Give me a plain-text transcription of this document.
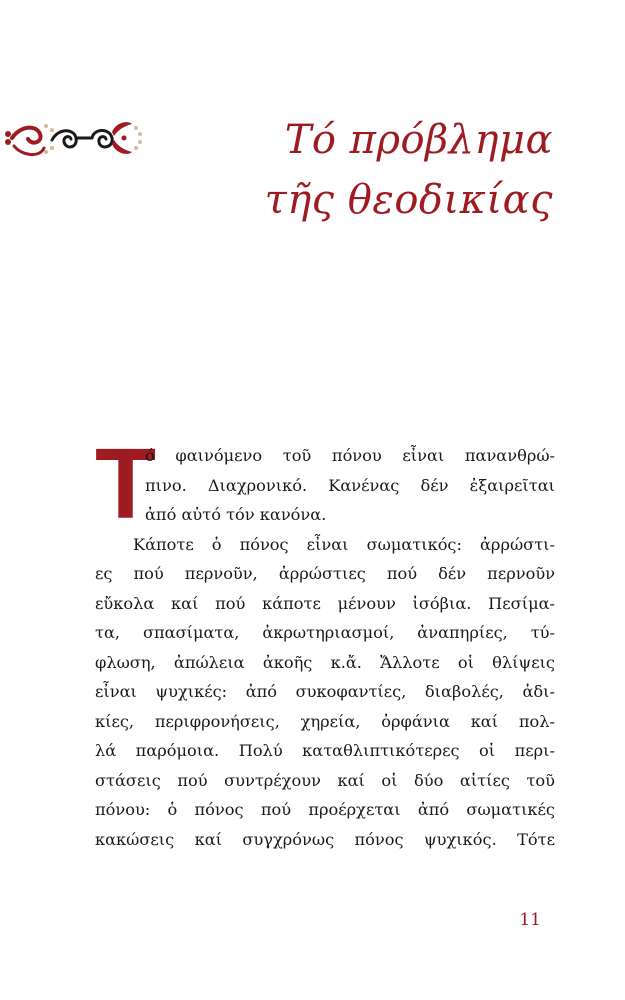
Τό πρόβλημα
τῆς θεοδικίας
Τ
ό φαινόμενο τοῦ πόνου εἶναι πανανθρώ-
πινο. Διαχρονικό. Κανένας δέν ἐξαιρεῖται
ἀπό αὐτό τόν κανόνα.
Κάποτε ὁ πόνος εἶναι σωματικός: ἀρρώστι-
ες πού περνοῦν, ἀρρώστιες πού δέν περνοῦν
εὔκολα καί πού κάποτε μένουν ἰσόβια. Πεσίμα-
τα, σπασίματα, ἀκρωτηριασμοί, ἀναπηρίες, τύ-
φλωση, ἀπώλεια ἀκοῆς κ.ἄ. Ἄλλοτε οἱ θλίψεις
εἶναι ψυχικές: ἀπό συκοφαντίες, διαβολές, ἀδι-
κίες, περιφρονήσεις, χηρεία, ὀρφάνια καί πολ-
λά παρόμοια. Πολύ καταθλιπτικότερες οἱ περι-
στάσεις πού συντρέχουν καί οἱ δύο αἰτίες τοῦ
πόνου: ὁ πόνος πού προέρχεται ἀπό σωματικές
κακώσεις καί συγχρόνως πόνος ψυχικός. Τότε
11
